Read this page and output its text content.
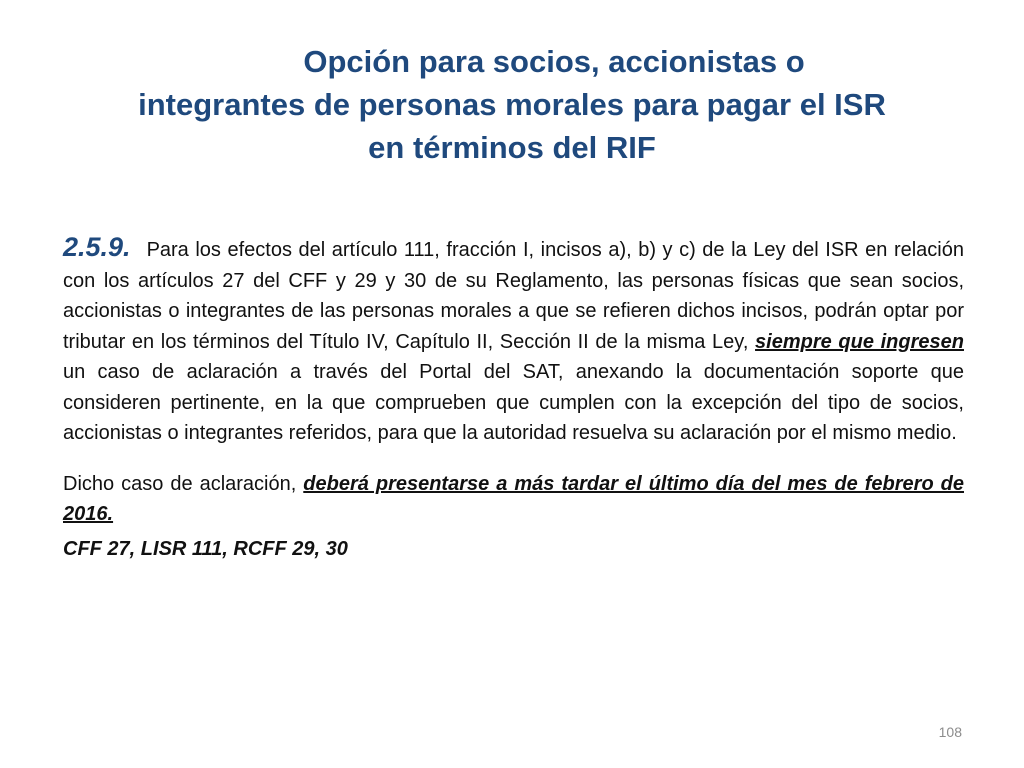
Opción para socios, accionistas o
integrantes de personas morales para pagar el ISR
en términos del RIF

2.5.9. Para los efectos del artículo 111, fracción I, incisos a), b) y c) de la Ley del ISR en relación con los artículos 27 del CFF y 29 y 30 de su Reglamento, las personas físicas que sean socios, accionistas o integrantes de las personas morales a que se refieren dichos incisos, podrán optar por tributar en los términos del Título IV, Capítulo II, Sección II de la misma Ley, siempre que ingresen un caso de aclaración a través del Portal del SAT, anexando la documentación soporte que consideren pertinente, en la que comprueben que cumplen con la excepción del tipo de socios, accionistas o integrantes referidos, para que la autoridad resuelva su aclaración por el mismo medio.

Dicho caso de aclaración, deberá presentarse a más tardar el último día del mes de febrero de 2016.

CFF 27, LISR 111, RCFF 29, 30

108
